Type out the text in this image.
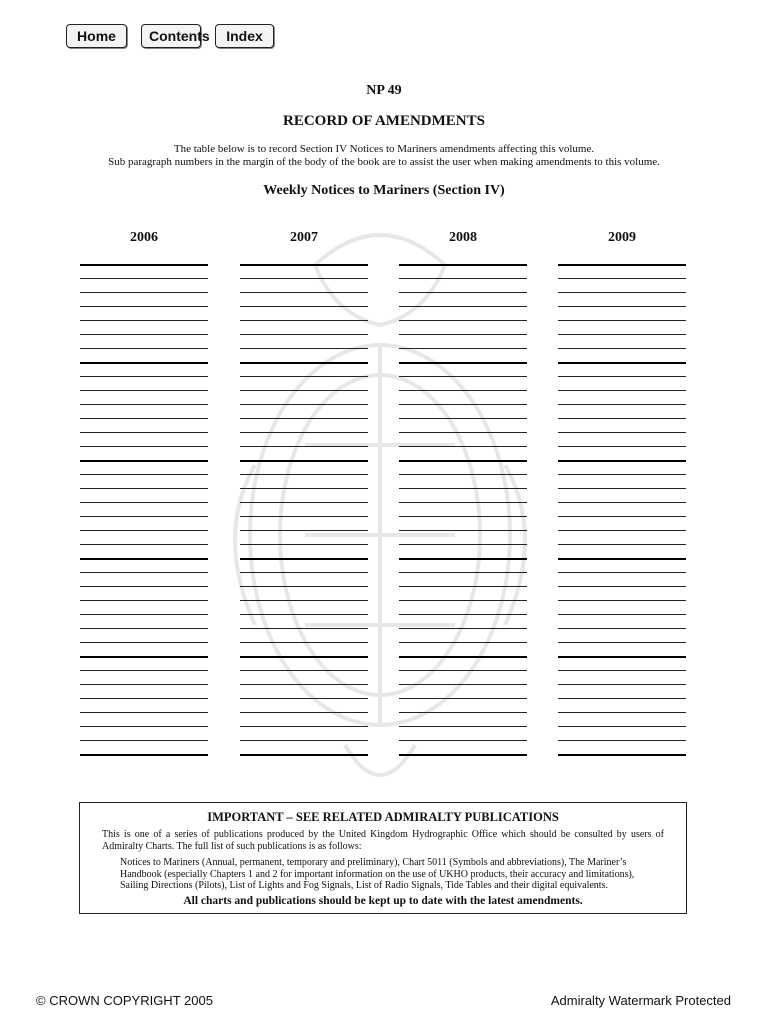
Home	Contents	Index
NP 49
RECORD OF AMENDMENTS
The table below is to record Section IV Notices to Mariners amendments affecting this volume.
Sub paragraph numbers in the margin of the body of the book are to assist the user when making amendments to this volume.
Weekly Notices to Mariners (Section IV)
2006	2007	2008	2009
IMPORTANT – SEE RELATED ADMIRALTY PUBLICATIONS
This is one of a series of publications produced by the United Kingdom Hydrographic Office which should be consulted by users of Admiralty Charts. The full list of such publications is as follows:
Notices to Mariners (Annual, permanent, temporary and preliminary), Chart 5011 (Symbols and abbreviations), The Mariner’s Handbook (especially Chapters 1 and 2 for important information on the use of UKHO products, their accuracy and limitations), Sailing Directions (Pilots), List of Lights and Fog Signals, List of Radio Signals, Tide Tables and their digital equivalents.
All charts and publications should be kept up to date with the latest amendments.
© CROWN COPYRIGHT 2005	Admiralty Watermark Protected
